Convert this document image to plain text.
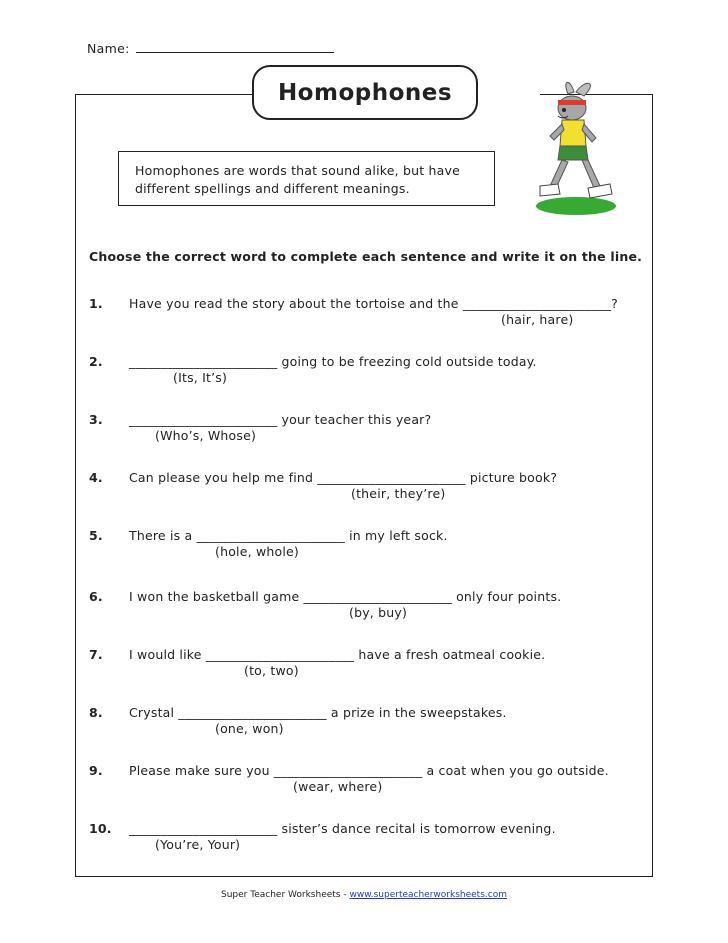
Name:
Homophones
Homophones are words that sound alike, but have
different spellings and different meanings.
Choose the correct word to complete each sentence and write it on the line.
1. Have you read the story about the tortoise and the _______________________?
(hair, hare)
2. _______________________ going to be freezing cold outside today.
(Its, It’s)
3. _______________________ your teacher this year?
(Who’s, Whose)
4. Can please you help me find _______________________ picture book?
(their, they’re)
5. There is a _______________________ in my left sock.
(hole, whole)
6. I won the basketball game _______________________ only four points.
(by, buy)
7. I would like _______________________ have a fresh oatmeal cookie.
(to, two)
8. Crystal _______________________ a prize in the sweepstakes.
(one, won)
9. Please make sure you _______________________ a coat when you go outside.
(wear, where)
10. _______________________ sister’s dance recital is tomorrow evening.
(You’re, Your)
Super Teacher Worksheets - www.superteacherworksheets.com
